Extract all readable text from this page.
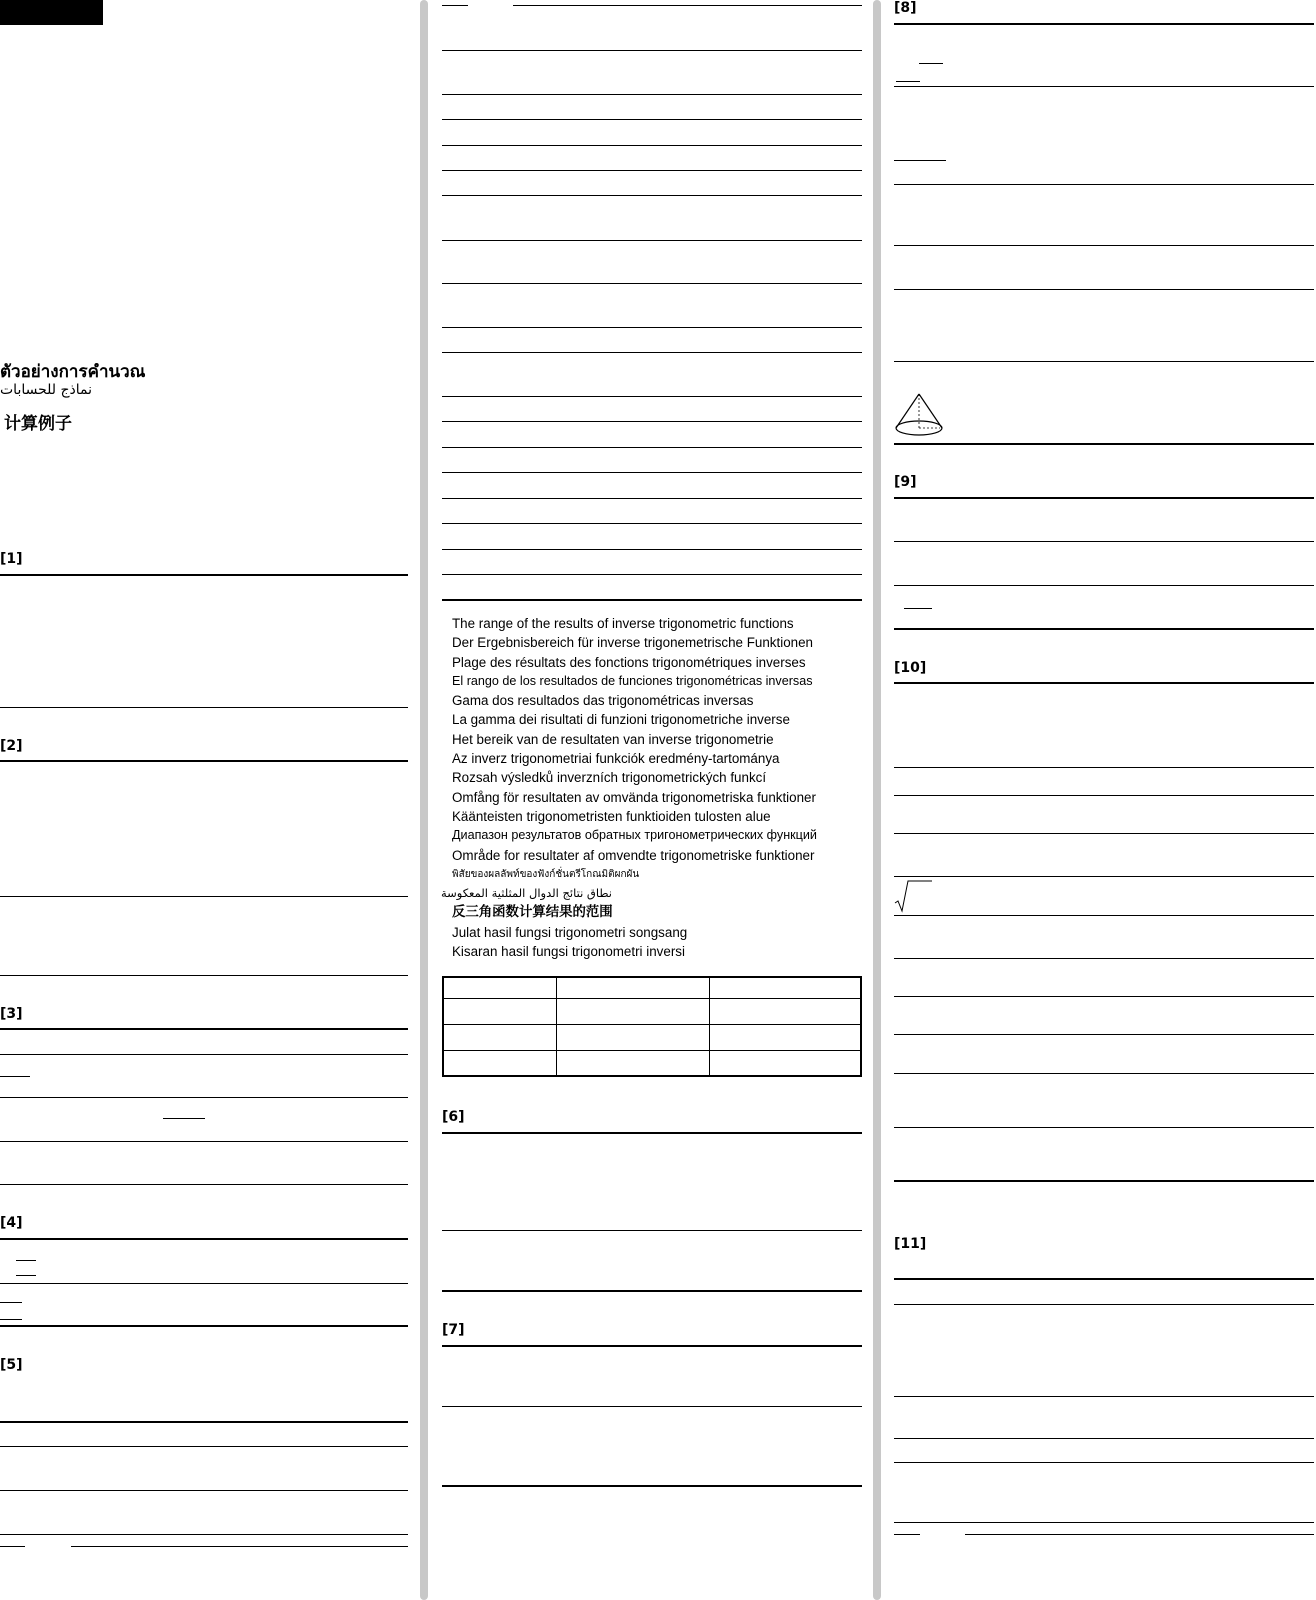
ตัวอย่างการคำนวณ
نماذج للحسابات
计算例子
[1]
[2]
[3]
[4]
[5]
The range of the results of inverse trigonometric functions
Der Ergebnisbereich für inverse trigonemetrische Funktionen
Plage des résultats des fonctions trigonométriques inverses
El rango de los resultados de funciones trigonométricas inversas
Gama dos resultados das trigonométricas inversas
La gamma dei risultati di funzioni trigonometriche inverse
Het bereik van de resultaten van inverse trigonometrie
Az inverz trigonometriai funkciók eredmény-tartománya
Rozsah výsledků inverzních trigonometrických funkcí
Omfång för resultaten av omvända trigonometriska funktioner
Käänteisten trigonometristen funktioiden tulosten alue
Диапазон результатов обратных тригонометрических функций
Område for resultater af omvendte trigonometriske funktioner
พิสัยของผลลัพท์ของฟังก์ชั่นตรีโกณมิติผกผัน
نطاق نتائج الدوال المثلثية المعكوسة
反三角函数计算结果的范围
Julat hasil fungsi trigonometri songsang
Kisaran hasil fungsi trigonometri inversi
[6]
[7]
[8]
[9]
[10]
[11]
